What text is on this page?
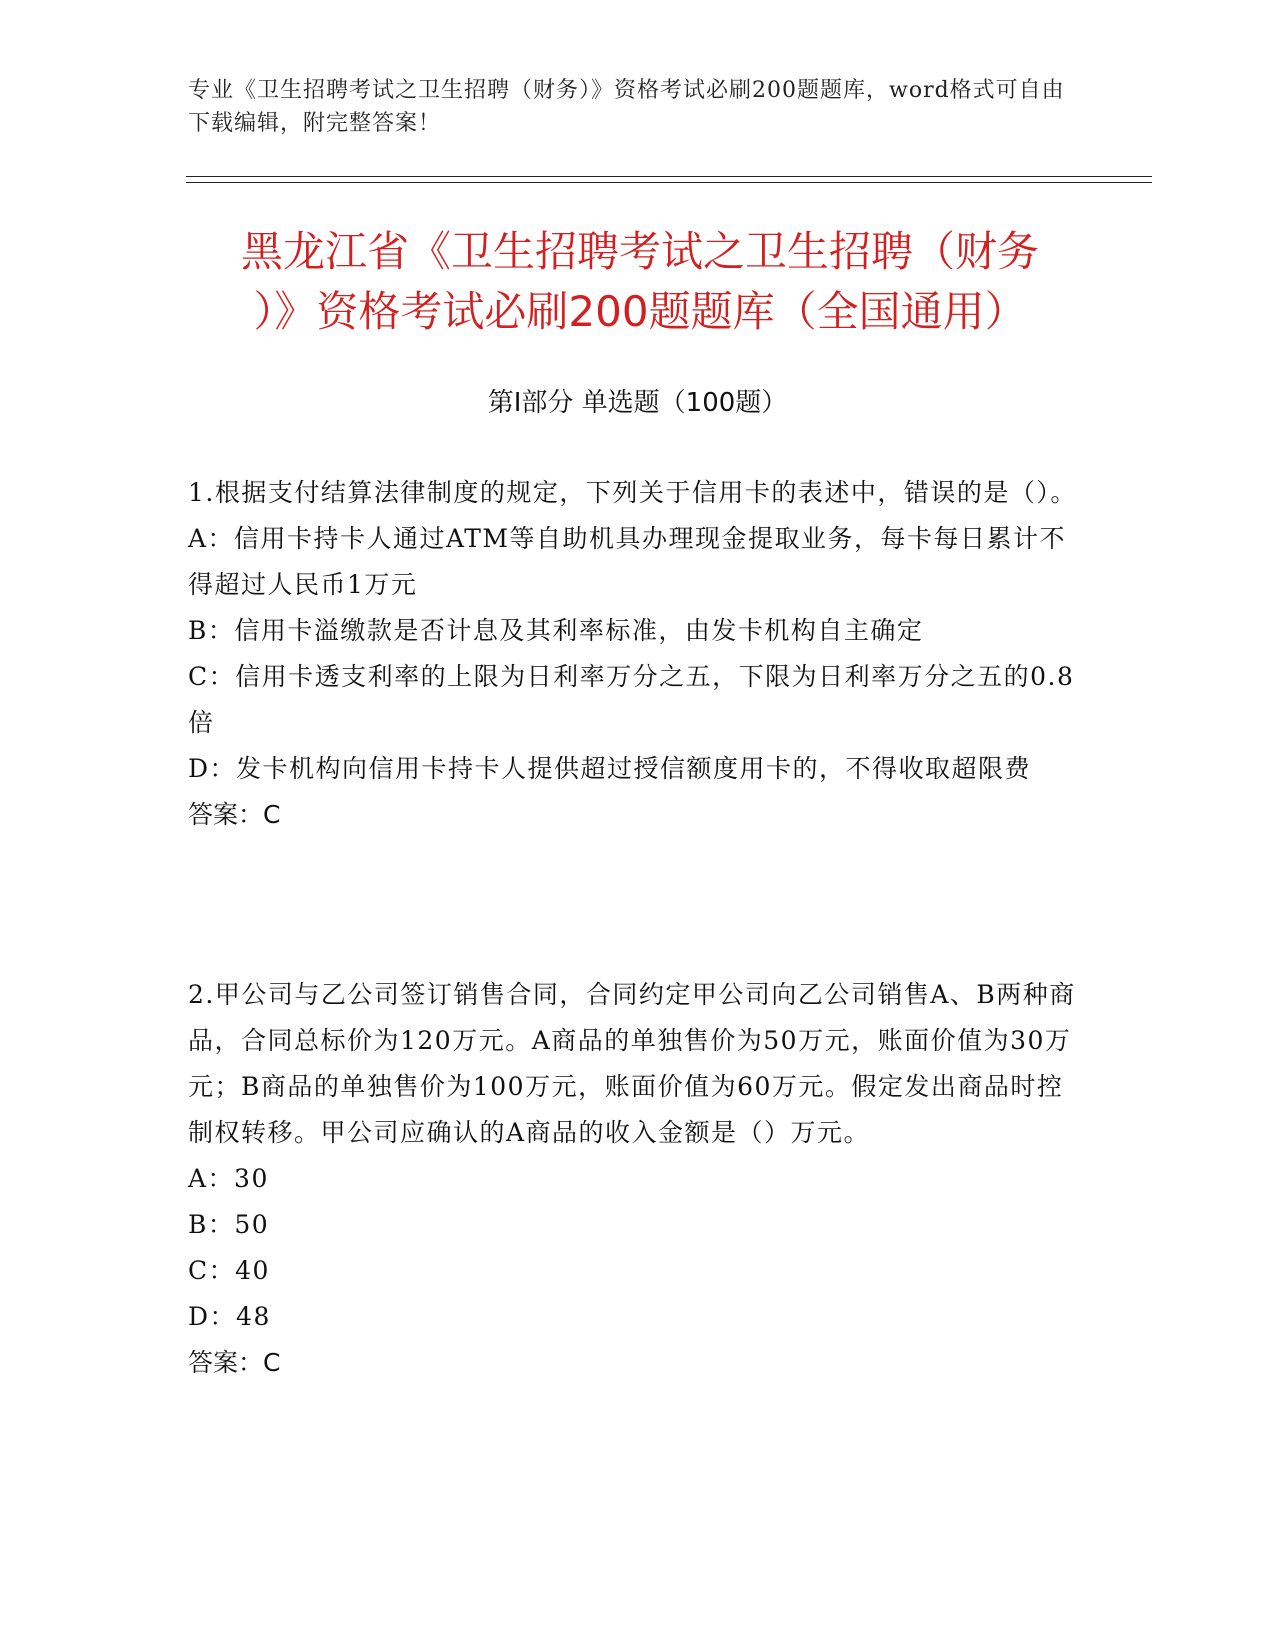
专业《卫生招聘考试之卫生招聘（财务）》资格考试必刷200题题库，word格式可自由下载编辑，附完整答案！
黑龙江省《卫生招聘考试之卫生招聘（财务
）》资格考试必刷200题题库（全国通用）
第Ⅰ部分 单选题（100题）

1.根据支付结算法律制度的规定，下列关于信用卡的表述中，错误的是（）。

A：信用卡持卡人通过ATM等自助机具办理现金提取业务，每卡每日累计不得超过人民币1万元

B：信用卡溢缴款是否计息及其利率标准，由发卡机构自主确定

C：信用卡透支利率的上限为日利率万分之五，下限为日利率万分之五的0.8倍

D：发卡机构向信用卡持卡人提供超过授信额度用卡的，不得收取超限费

答案：C

2.甲公司与乙公司签订销售合同，合同约定甲公司向乙公司销售A、B两种商品，合同总标价为120万元。A商品的单独售价为50万元，账面价值为30万元；B商品的单独售价为100万元，账面价值为60万元。假定发出商品时控制权转移。甲公司应确认的A商品的收入金额是（）万元。

A：30

B：50

C：40

D：48

答案：C
